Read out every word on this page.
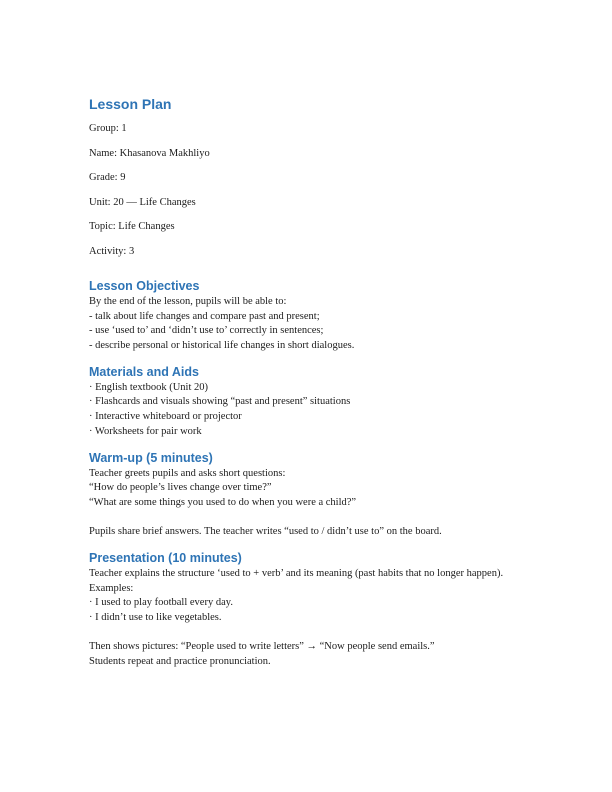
Lesson Plan
Group: 1
Name: Khasanova Makhliyo
Grade: 9
Unit: 20 — Life Changes
Topic: Life Changes
Activity: 3
Lesson Objectives
By the end of the lesson, pupils will be able to:
- talk about life changes and compare past and present;
- use ‘used to’ and ‘didn’t use to’ correctly in sentences;
- describe personal or historical life changes in short dialogues.
Materials and Aids
· English textbook (Unit 20)
· Flashcards and visuals showing “past and present” situations
· Interactive whiteboard or projector
· Worksheets for pair work
Warm-up (5 minutes)
Teacher greets pupils and asks short questions:
“How do people’s lives change over time?”
“What are some things you used to do when you were a child?”
Pupils share brief answers. The teacher writes “used to / didn’t use to” on the board.
Presentation (10 minutes)
Teacher explains the structure ‘used to + verb’ and its meaning (past habits that no longer happen).
Examples:
· I used to play football every day.
· I didn’t use to like vegetables.
Then shows pictures: “People used to write letters” → “Now people send emails.”
Students repeat and practice pronunciation.
